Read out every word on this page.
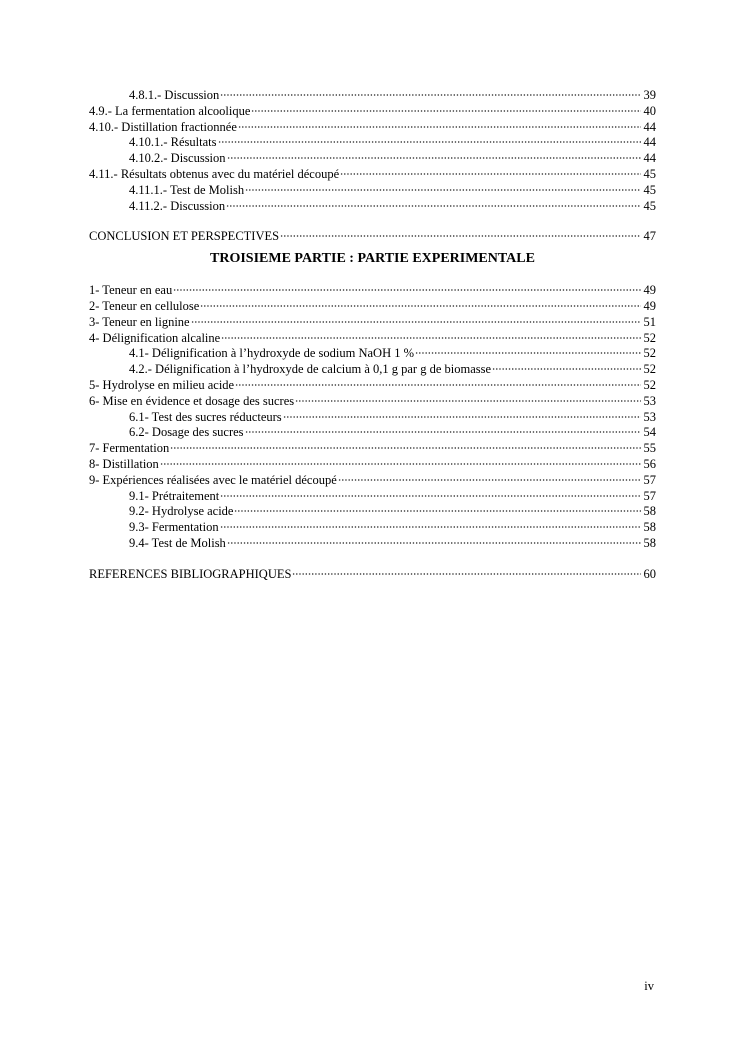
4.8.1.- Discussion	39
4.9.- La fermentation alcoolique	40
4.10.- Distillation fractionnée	44
4.10.1.- Résultats	44
4.10.2.- Discussion	44
4.11.- Résultats obtenus avec du matériel découpé	45
4.11.1.- Test de Molish	45
4.11.2.- Discussion	45
CONCLUSION ET PERSPECTIVES	47
TROISIEME PARTIE : PARTIE EXPERIMENTALE
1- Teneur en eau	49
2- Teneur en cellulose	49
3- Teneur en lignine	51
4- Délignification alcaline	52
4.1- Délignification à l’hydroxyde de sodium NaOH 1 %	52
4.2.- Délignification à l’hydroxyde de calcium à 0,1 g par g de biomasse	52
5- Hydrolyse en milieu acide	52
6- Mise en évidence et dosage des sucres	53
6.1- Test des sucres réducteurs	53
6.2- Dosage des sucres	54
7- Fermentation	55
8- Distillation	56
9- Expériences réalisées avec le matériel découpé	57
9.1- Prétraitement	57
9.2- Hydrolyse acide	58
9.3- Fermentation	58
9.4- Test de Molish	58
REFERENCES BIBLIOGRAPHIQUES	60
iv
